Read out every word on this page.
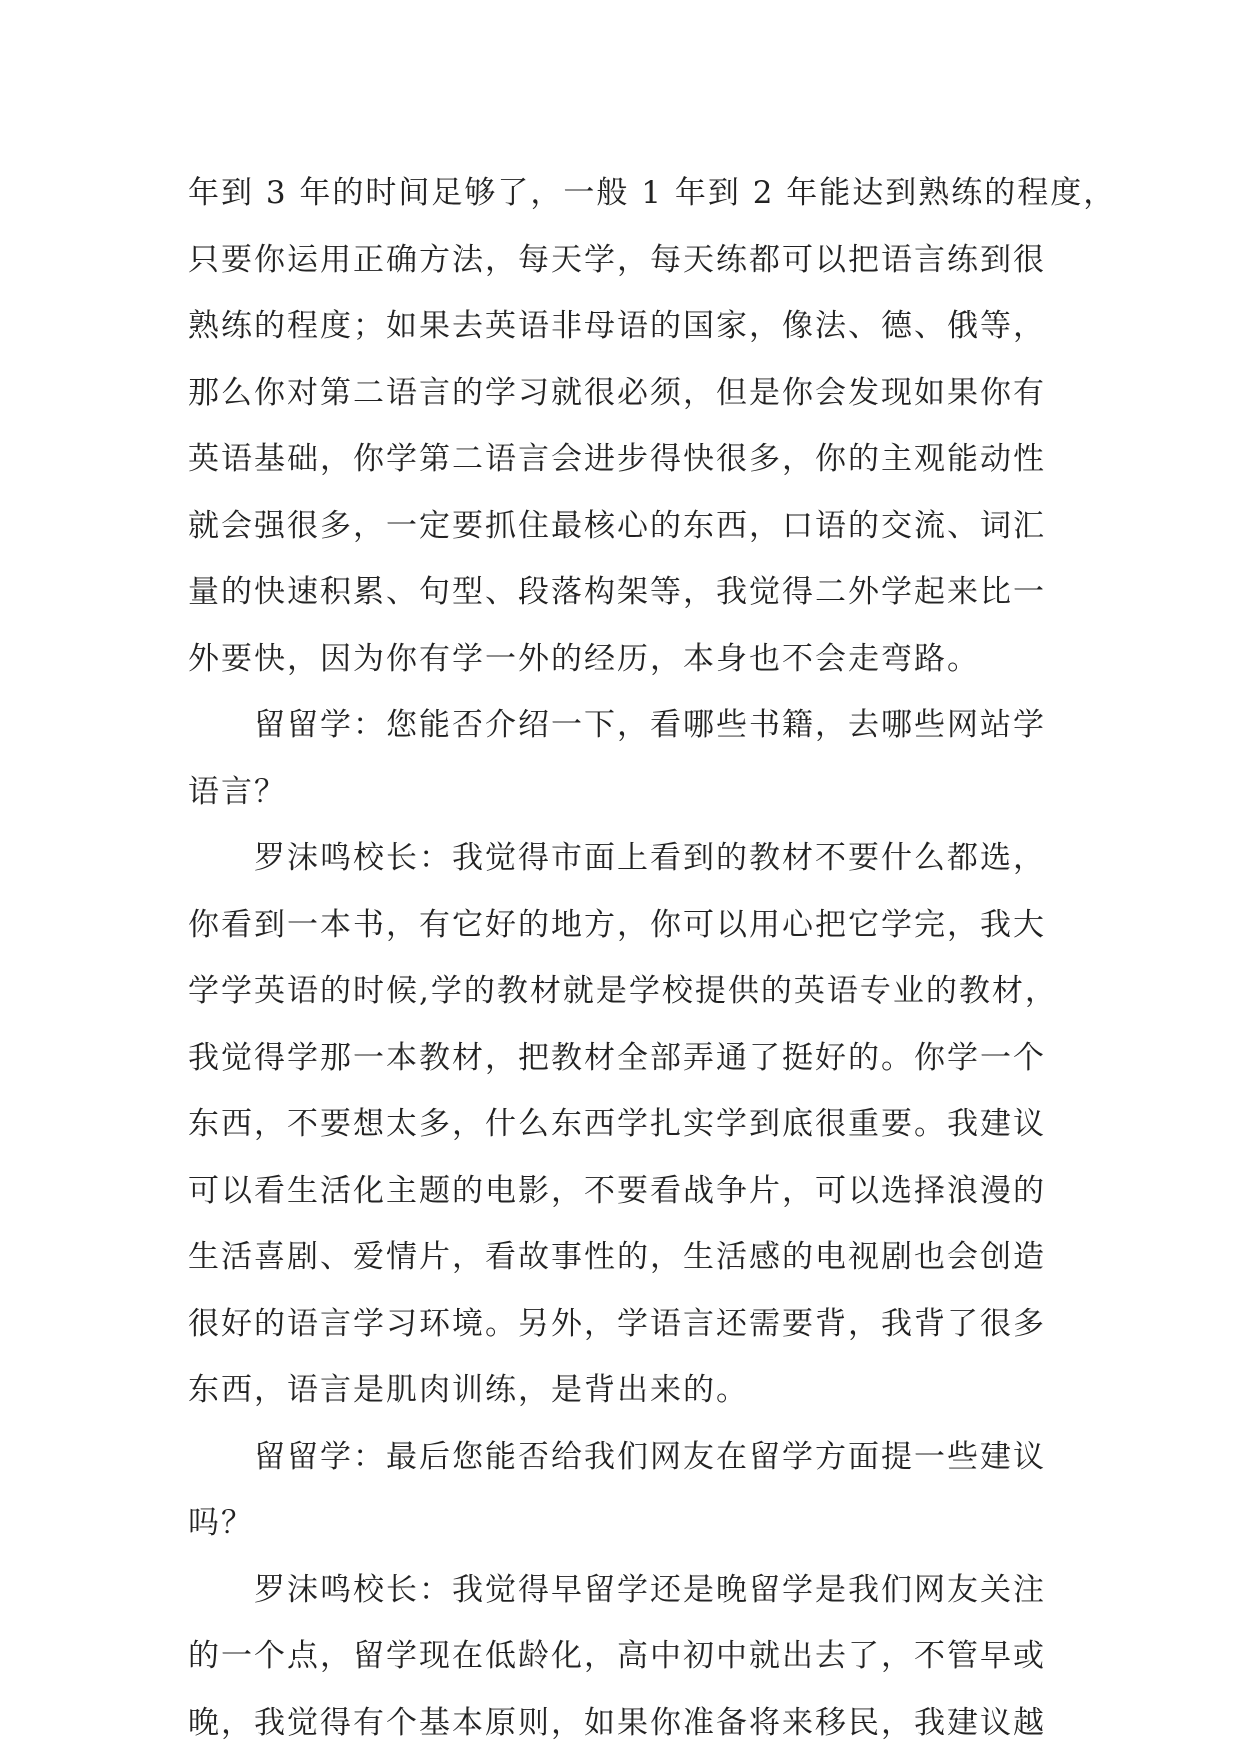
年到 3 年的时间足够了，一般 1 年到 2 年能达到熟练的程度，
只要你运用正确方法，每天学，每天练都可以把语言练到很
熟练的程度；如果去英语非母语的国家，像法、德、俄等，
那么你对第二语言的学习就很必须，但是你会发现如果你有
英语基础，你学第二语言会进步得快很多，你的主观能动性
就会强很多，一定要抓住最核心的东西，口语的交流、词汇
量的快速积累、句型、段落构架等，我觉得二外学起来比一
外要快，因为你有学一外的经历，本身也不会走弯路。
留留学：您能否介绍一下，看哪些书籍，去哪些网站学
语言？
罗沫鸣校长：我觉得市面上看到的教材不要什么都选，
你看到一本书，有它好的地方，你可以用心把它学完，我大
学学英语的时候,学的教材就是学校提供的英语专业的教材，
我觉得学那一本教材，把教材全部弄通了挺好的。你学一个
东西，不要想太多，什么东西学扎实学到底很重要。我建议
可以看生活化主题的电影，不要看战争片，可以选择浪漫的
生活喜剧、爱情片，看故事性的，生活感的电视剧也会创造
很好的语言学习环境。另外，学语言还需要背，我背了很多
东西，语言是肌肉训练，是背出来的。
留留学：最后您能否给我们网友在留学方面提一些建议
吗？
罗沫鸣校长：我觉得早留学还是晚留学是我们网友关注
的一个点，留学现在低龄化，高中初中就出去了，不管早或
晚，我觉得有个基本原则，如果你准备将来移民，我建议越
